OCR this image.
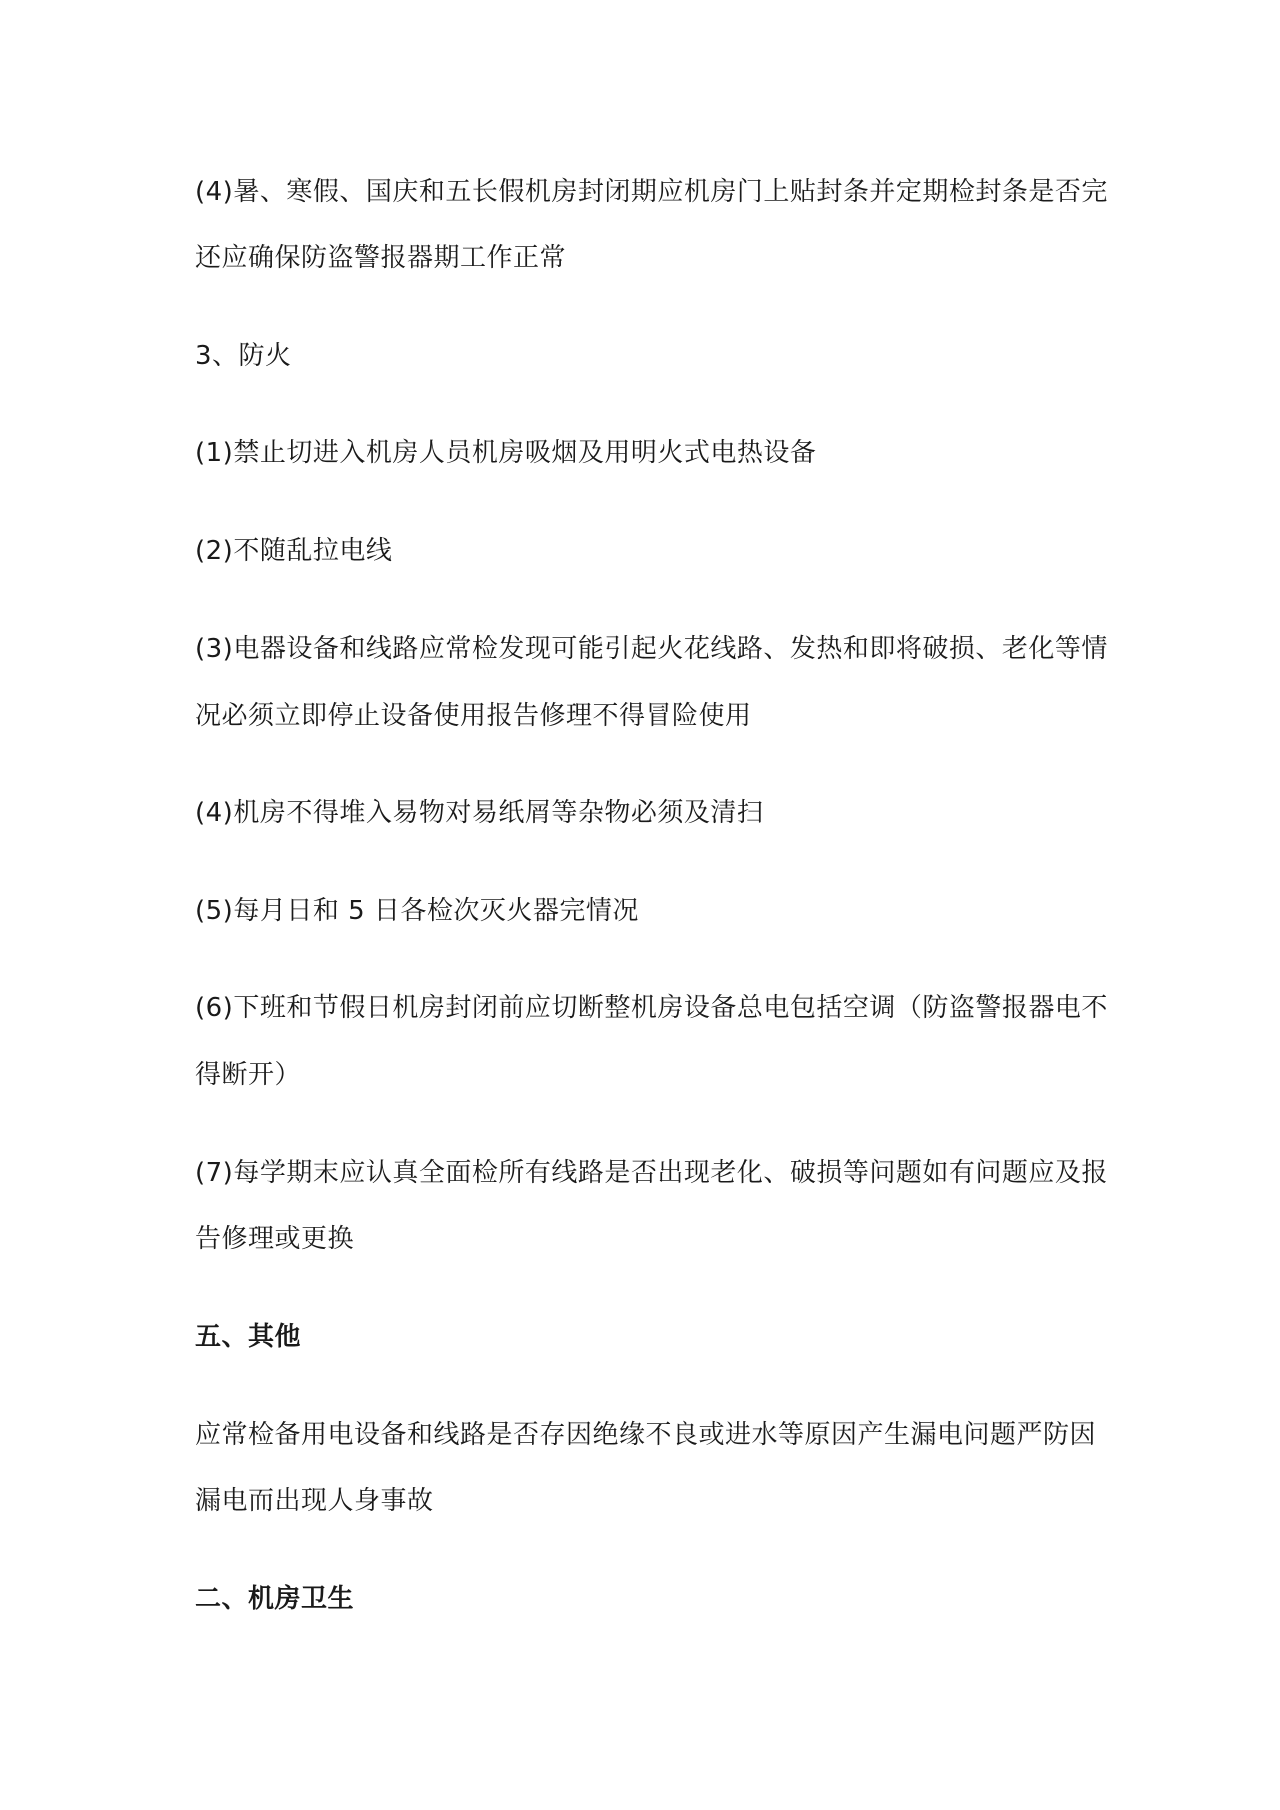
(4)暑、寒假、国庆和五长假机房封闭期应机房门上贴封条并定期检封条是否完
还应确保防盗警报器期工作正常
3、防火
(1)禁止切进入机房人员机房吸烟及用明火式电热设备
(2)不随乱拉电线
(3)电器设备和线路应常检发现可能引起火花线路、发热和即将破损、老化等情
况必须立即停止设备使用报告修理不得冒险使用
(4)机房不得堆入易物对易纸屑等杂物必须及清扫
(5)每月日和 5 日各检次灭火器完情况
(6)下班和节假日机房封闭前应切断整机房设备总电包括空调（防盗警报器电不
得断开）
(7)每学期末应认真全面检所有线路是否出现老化、破损等问题如有问题应及报
告修理或更换
五、其他
应常检备用电设备和线路是否存因绝缘不良或进水等原因产生漏电问题严防因
漏电而出现人身事故
二、机房卫生
